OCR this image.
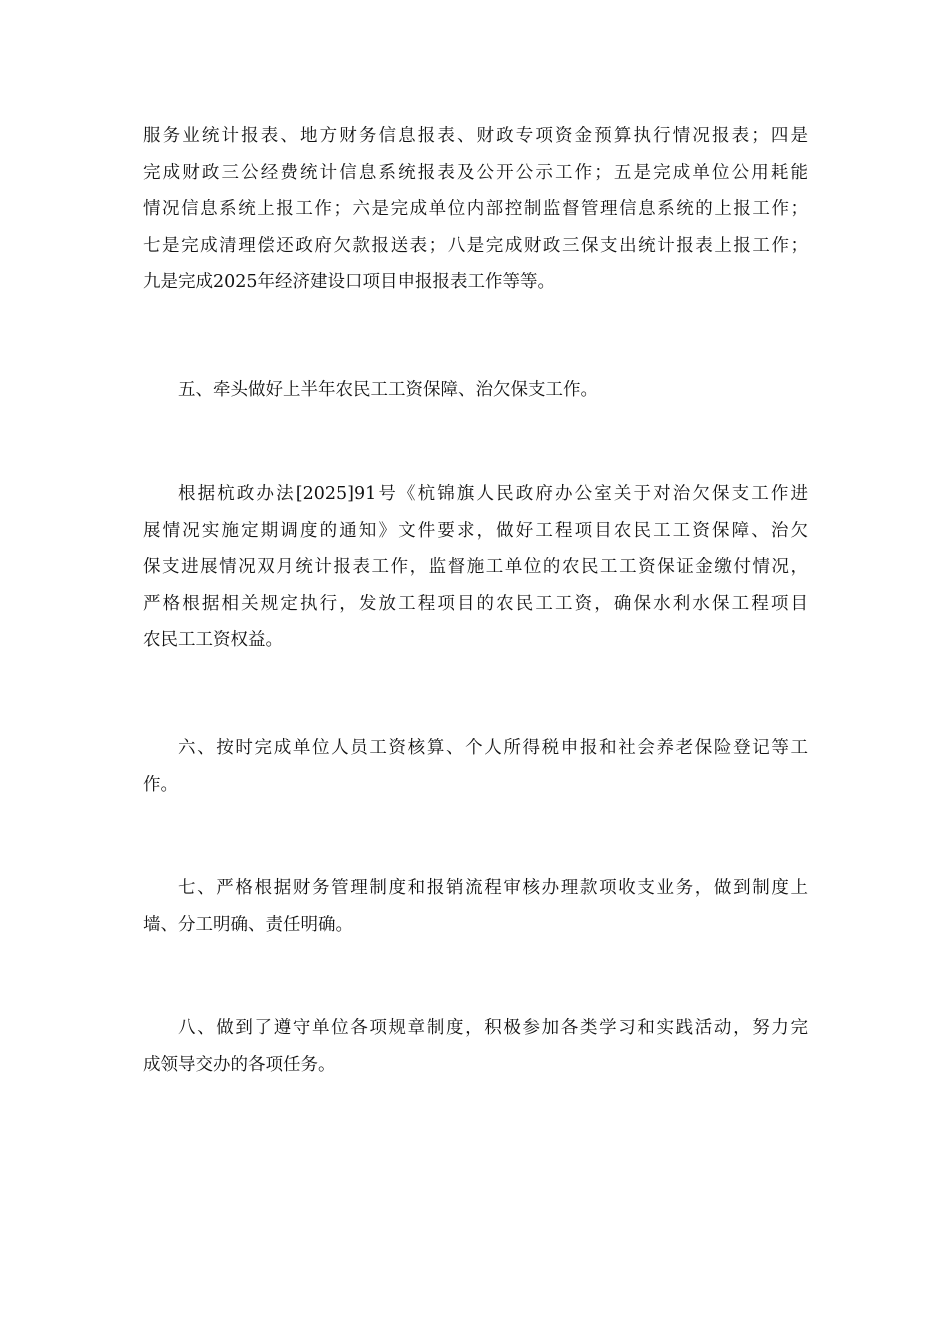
服务业统计报表、地方财务信息报表、财政专项资金预算执行情况报表；四是
完成财政三公经费统计信息系统报表及公开公示工作；五是完成单位公用耗能
情况信息系统上报工作；六是完成单位内部控制监督管理信息系统的上报工作；
七是完成清理偿还政府欠款报送表；八是完成财政三保支出统计报表上报工作；
九是完成2025年经济建设口项目申报报表工作等等。
五、牵头做好上半年农民工工资保障、治欠保支工作。
根据杭政办法[2025]91号《杭锦旗人民政府办公室关于对治欠保支工作进
展情况实施定期调度的通知》文件要求，做好工程项目农民工工资保障、治欠
保支进展情况双月统计报表工作，监督施工单位的农民工工资保证金缴付情况，
严格根据相关规定执行，发放工程项目的农民工工资，确保水利水保工程项目
农民工工资权益。
六、按时完成单位人员工资核算、个人所得税申报和社会养老保险登记等工
作。
七、严格根据财务管理制度和报销流程审核办理款项收支业务，做到制度上
墙、分工明确、责任明确。
八、做到了遵守单位各项规章制度，积极参加各类学习和实践活动，努力完
成领导交办的各项任务。
